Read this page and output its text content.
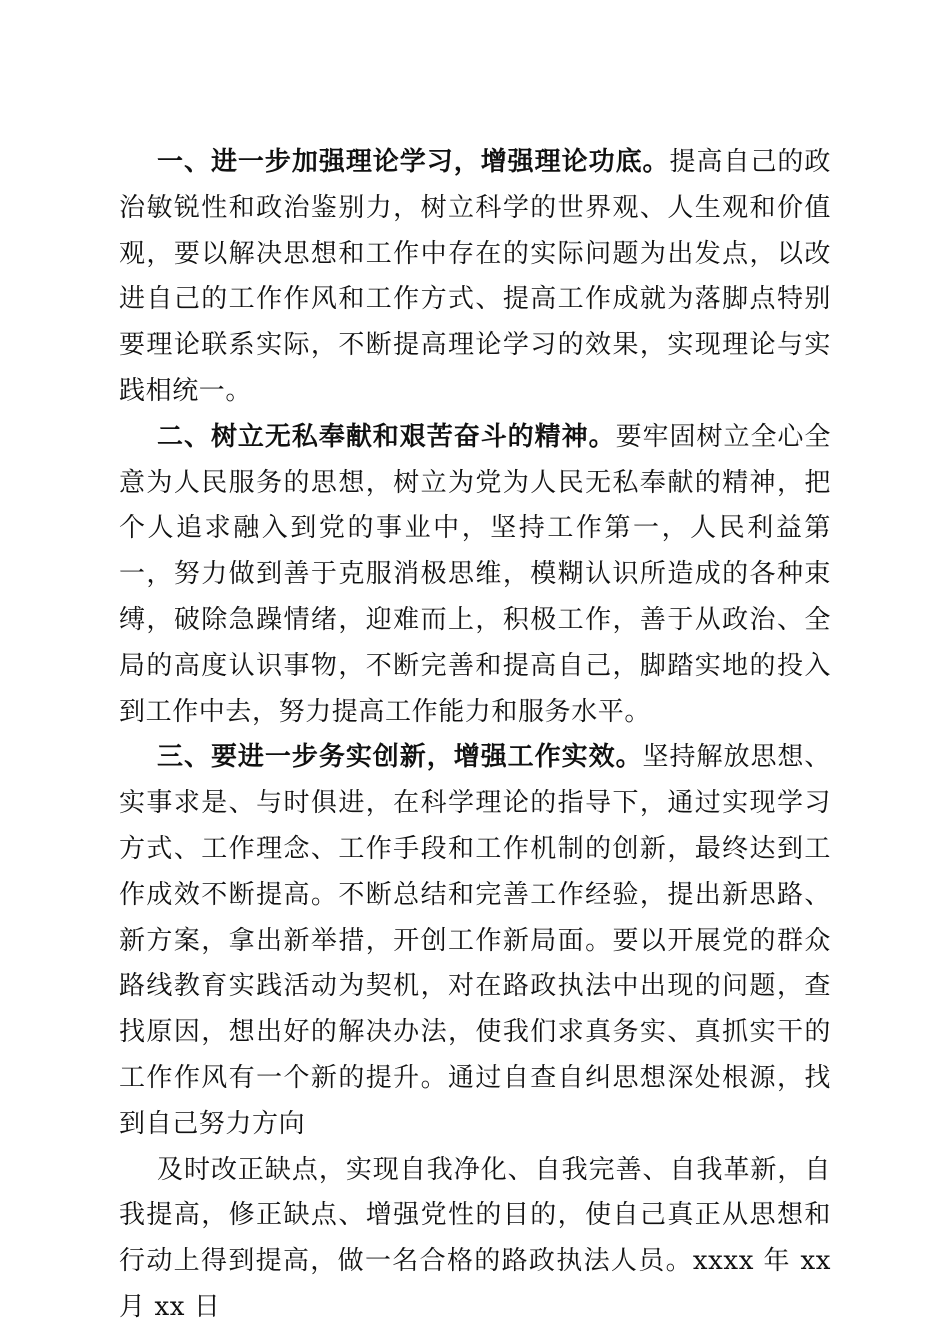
一、进一步加强理论学习，增强理论功底。提高自己的政治敏锐性和政治鉴别力，树立科学的世界观、人生观和价值观，要以解决思想和工作中存在的实际问题为出发点，以改进自己的工作作风和工作方式、提高工作成就为落脚点特别要理论联系实际，不断提高理论学习的效果，实现理论与实践相统一。

二、树立无私奉献和艰苦奋斗的精神。要牢固树立全心全意为人民服务的思想，树立为党为人民无私奉献的精神，把个人追求融入到党的事业中，坚持工作第一，人民利益第一，努力做到善于克服消极思维，模糊认识所造成的各种束缚，破除急躁情绪，迎难而上，积极工作，善于从政治、全局的高度认识事物，不断完善和提高自己，脚踏实地的投入到工作中去，努力提高工作能力和服务水平。

三、要进一步务实创新，增强工作实效。坚持解放思想、实事求是、与时俱进，在科学理论的指导下，通过实现学习方式、工作理念、工作手段和工作机制的创新，最终达到工作成效不断提高。不断总结和完善工作经验，提出新思路、新方案，拿出新举措，开创工作新局面。要以开展党的群众路线教育实践活动为契机，对在路政执法中出现的问题，查找原因，想出好的解决办法，使我们求真务实、真抓实干的工作作风有一个新的提升。通过自查自纠思想深处根源，找到自己努力方向

及时改正缺点，实现自我净化、自我完善、自我革新，自我提高，修正缺点、增强党性的目的，使自己真正从思想和行动上得到提高，做一名合格的路政执法人员。xxxx 年 xx 月 xx 日
